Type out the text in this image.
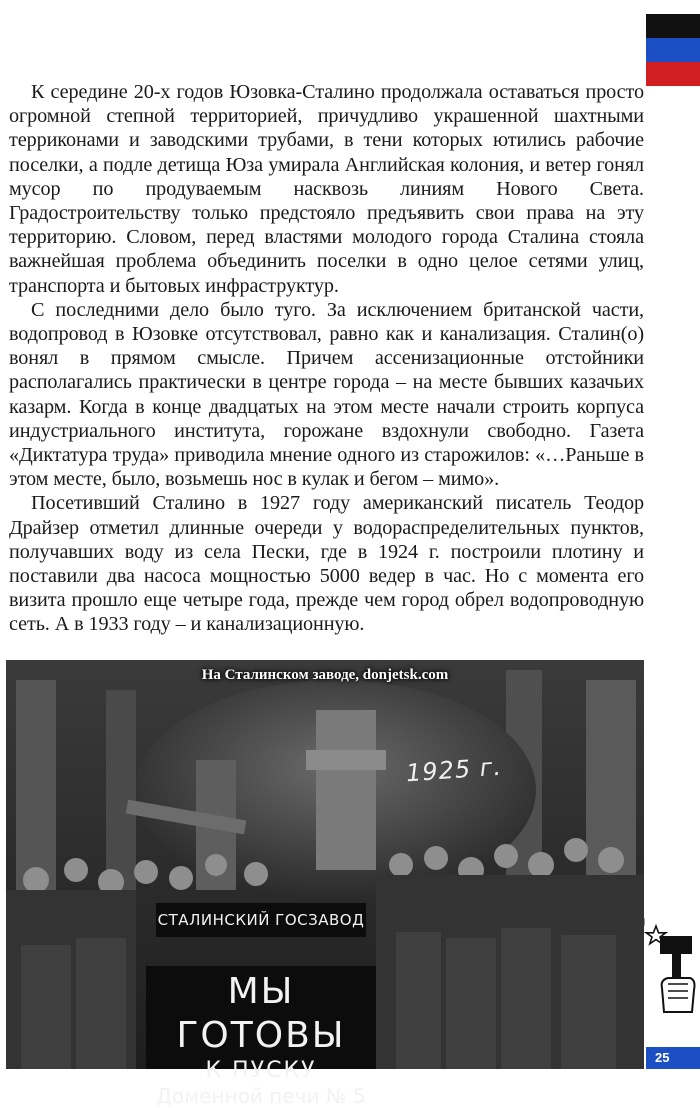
К середине 20-х годов Юзовка-Сталино продолжала оставаться просто огромной степной территорией, причудливо украшенной шахтными терриконами и заводскими трубами, в тени которых ютились рабочие поселки, а подле детища Юза умирала Английская колония, и ветер гонял мусор по продуваемым насквозь линиям Нового Света. Градостроительству только предстояло предъявить свои права на эту территорию. Словом, перед властями молодого города Сталина стояла важнейшая проблема объединить поселки в одно целое сетями улиц, транспорта и бытовых инфраструктур.

С последними дело было туго. За исключением британской части, водопровод в Юзовке отсутствовал, равно как и канализация. Сталин(о) вонял в прямом смысле. Причем ассенизационные отстойники располагались практически в центре города – на месте бывших казачьих казарм. Когда в конце двадцатых на этом месте начали строить корпуса индустриального института, горожане вздохнули свободно. Газета «Диктатура труда» приводила мнение одного из старожилов: «…Раньше в этом месте, было, возьмешь нос в кулак и бегом – мимо».

Посетивший Сталино в 1927 году американский писатель Теодор Драйзер отметил длинные очереди у водораспределительных пунктов, получавших воду из села Пески, где в 1924 г. построили плотину и поставили два насоса мощностью 5000 ведер в час. Но с момента его визита прошло еще четыре года, прежде чем город обрел водопроводную сеть. А в 1933 году – и канализационную.

На Сталинском заводе, donjetsk.com
1925 г.
СТАЛИНСКИЙ ГОСЗАВОД
МЫ ГОТОВЫ
К ПУСКУ
Доменной печи № 5
25
